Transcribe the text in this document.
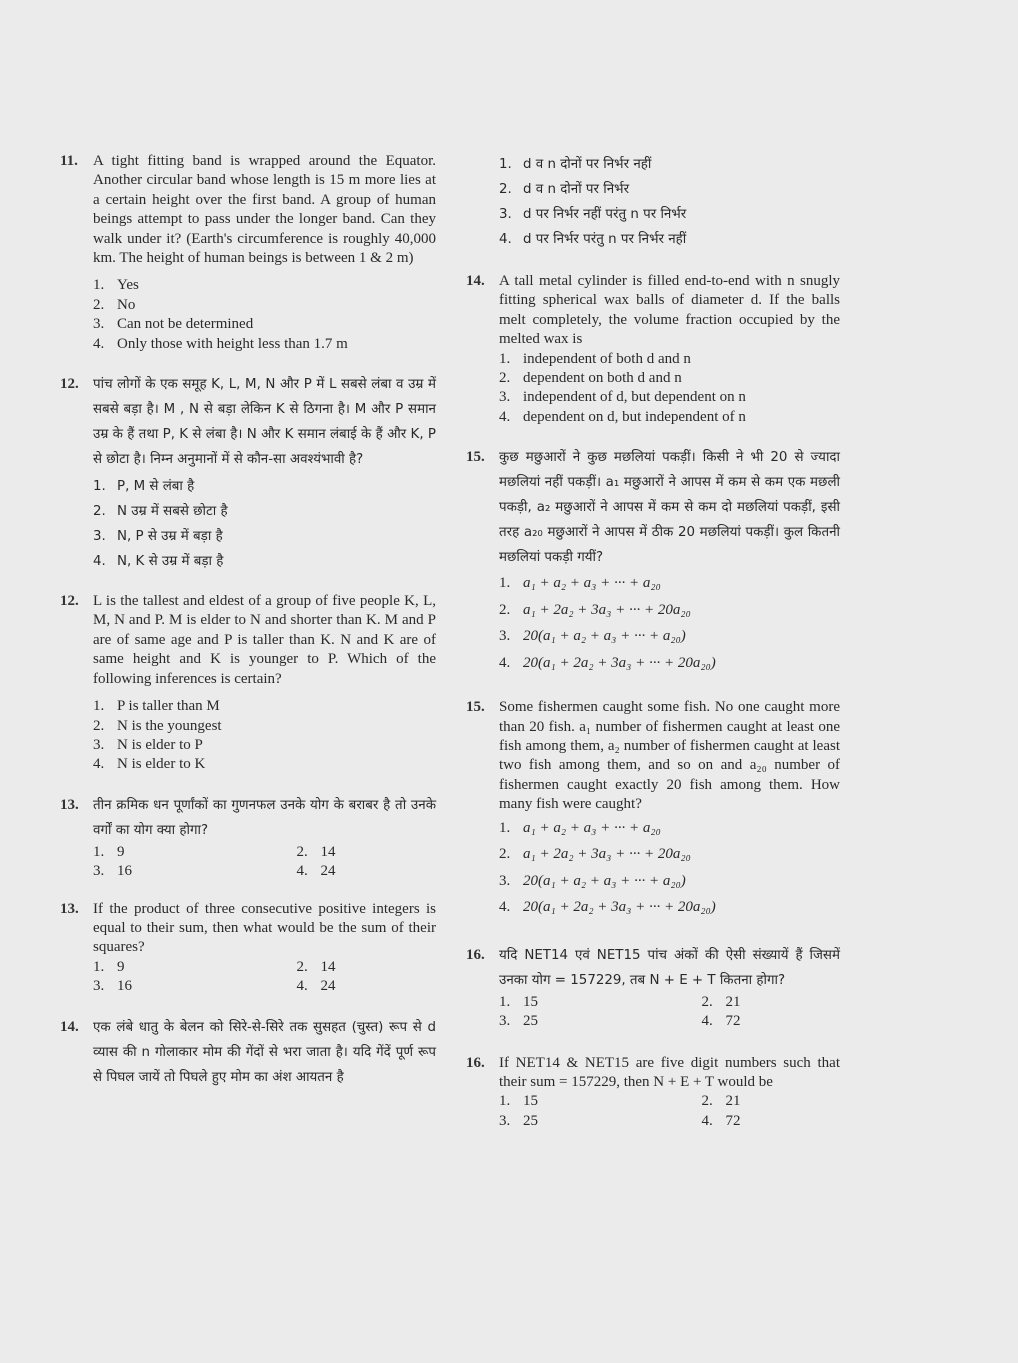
11.	A tight fitting band is wrapped around the Equator. Another circular band whose length is 15 m more lies at a certain height over the first band. A group of human beings attempt to pass under the longer band. Can they walk under it? (Earth's circumference is roughly 40,000 km. The height of human beings is between 1 & 2 m)
1. Yes
2. No
3. Can not be determined
4. Only those with height less than 1.7 m
12.	पांच लोगों के एक समूह K, L, M, N और P में L सबसे लंबा व उम्र में सबसे बड़ा है। M , N से बड़ा लेकिन K से ठिगना है। M और P समान उम्र के हैं तथा P, K से लंबा है। N और K समान लंबाई के हैं और K, P से छोटा है। निम्न अनुमानों में से कौन-सा अवश्यंभावी है?
1. P, M से लंबा है
2. N उम्र में सबसे छोटा है
3. N, P से उम्र में बड़ा है
4. N, K से उम्र में बड़ा है
12. L is the tallest and eldest of a group of five people K, L, M, N and P. M is elder to N and shorter than K. M and P are of same age and P is taller than K. N and K are of same height and K is younger to P. Which of the following inferences is certain?
1. P is taller than M
2. N is the youngest
3. N is elder to P
4. N is elder to K
13.	तीन क्रमिक धन पूर्णांकों का गुणनफल उनके योग के बराबर है तो उनके वर्गों का योग क्या होगा?
1. 9	2. 14
3. 16	4. 24
13. If the product of three consecutive positive integers is equal to their sum, then what would be the sum of their squares?
1. 9	2. 14
3. 16	4. 24
14.	एक लंबे धातु के बेलन को सिरे-से-सिरे तक सुसहत (चुस्त) रूप से d व्यास की n गोलाकार मोम की गेंदों से भरा जाता है। यदि गेंदें पूर्ण रूप से पिघल जायें तो पिघले हुए मोम का अंश आयतन है
1. d व n दोनों पर निर्भर नहीं
2. d व n दोनों पर निर्भर
3. d पर निर्भर नहीं परंतु n पर निर्भर
4. d पर निर्भर परंतु n पर निर्भर नहीं
14. A tall metal cylinder is filled end-to-end with n snugly fitting spherical wax balls of diameter d. If the balls melt completely, the volume fraction occupied by the melted wax is
1. independent of both d and n
2. dependent on both d and n
3. independent of d, but dependent on n
4. dependent on d, but independent of n
15.	कुछ मछुआरों ने कुछ मछलियां पकड़ीं। किसी ने भी 20 से ज्यादा मछलियां नहीं पकड़ीं। a₁ मछुआरों ने आपस में कम से कम एक मछली पकड़ी, a₂ मछुआरों ने आपस में कम से कम दो मछलियां पकड़ीं, इसी तरह a₂₀ मछुआरों ने आपस में ठीक 20 मछलियां पकड़ीं। कुल कितनी मछलियां पकड़ी गयीं?
1. a₁ + a₂ + a₃ + ··· + a₂₀
2. a₁ + 2a₂ + 3a₃ + ··· + 20a₂₀
3. 20(a₁ + a₂ + a₃ + ··· + a₂₀)
4. 20(a₁ + 2a₂ + 3a₃ + ··· + 20a₂₀)
15. Some fishermen caught some fish. No one caught more than 20 fish. a₁ number of fishermen caught at least one fish among them, a₂ number of fishermen caught at least two fish among them, and so on and a₂₀ number of fishermen caught exactly 20 fish among them. How many fish were caught?
1. a₁ + a₂ + a₃ + ··· + a₂₀
2. a₁ + 2a₂ + 3a₃ + ··· + 20a₂₀
3. 20(a₁ + a₂ + a₃ + ··· + a₂₀)
4. 20(a₁ + 2a₂ + 3a₃ + ··· + 20a₂₀)
16.	यदि NET14 एवं NET15 पांच अंकों की ऐसी संख्यायें हैं जिसमें उनका योग = 157229, तब N + E + T कितना होगा?
1. 15	2. 21
3. 25	4. 72
16. If NET14 & NET15 are five digit numbers such that their sum = 157229, then N + E + T would be
1. 15	2. 21
3. 25	4. 72
